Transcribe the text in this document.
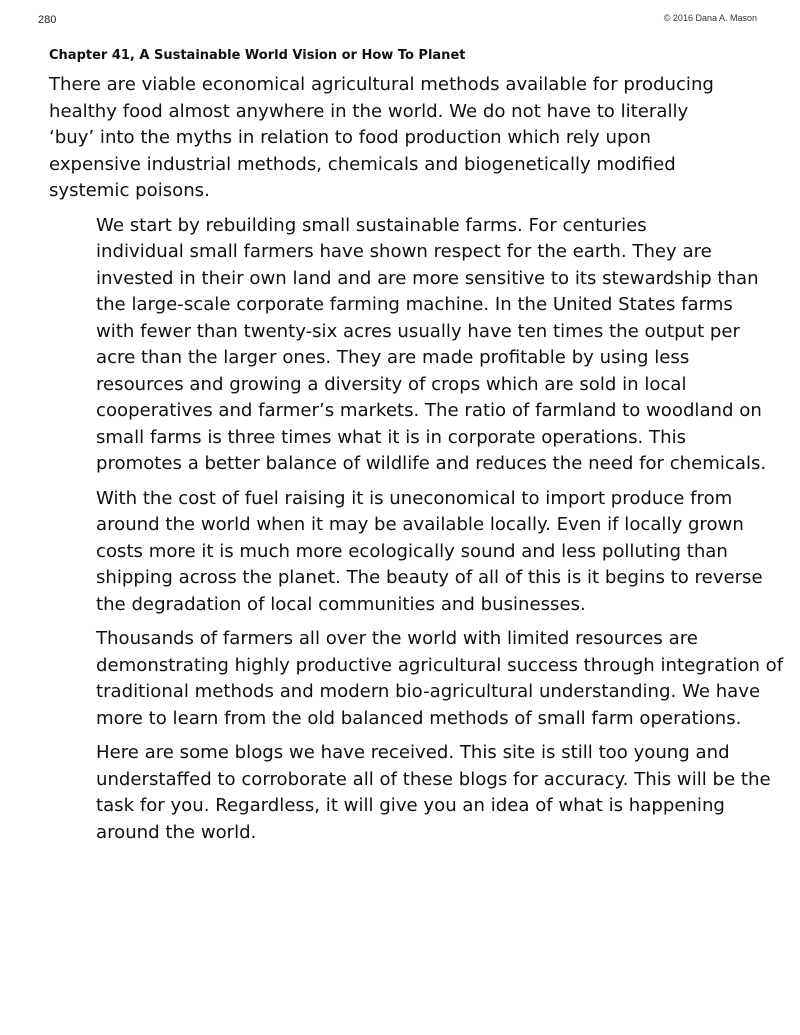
280	© 2016 Dana A. Mason
Chapter 41, A Sustainable World Vision or How To Planet

There are viable economical agricultural methods available for producing
healthy food almost anywhere in the world. We do not have to literally
‘buy’ into the myths in relation to food production which rely upon
expensive industrial methods, chemicals and biogenetically modified
systemic poisons.

We start by rebuilding small sustainable farms. For centuries

individual small farmers have shown respect for the earth. They are
invested in their own land and are more sensitive to its stewardship than
the large-scale corporate farming machine. In the United States farms
with fewer than twenty-six acres usually have ten times the output per
acre than the larger ones. They are made profitable by using less
resources and growing a diversity of crops which are sold in local
cooperatives and farmer’s markets. The ratio of farmland to woodland on
small farms is three times what it is in corporate operations. This
promotes a better balance of wildlife and reduces the need for chemicals.

With the cost of fuel raising it is uneconomical to import produce from

around the world when it may be available locally. Even if locally grown
costs more it is much more ecologically sound and less polluting than
shipping across the planet. The beauty of all of this is it begins to reverse
the degradation of local communities and businesses.

Thousands of farmers all over the world with limited resources are

demonstrating highly productive agricultural success through integration of
traditional methods and modern bio-agricultural understanding. We have
more to learn from the old balanced methods of small farm operations.

Here are some blogs we have received. This site is still too young and

understaffed to corroborate all of these blogs for accuracy. This will be the
task for you. Regardless, it will give you an idea of what is happening
around the world.
